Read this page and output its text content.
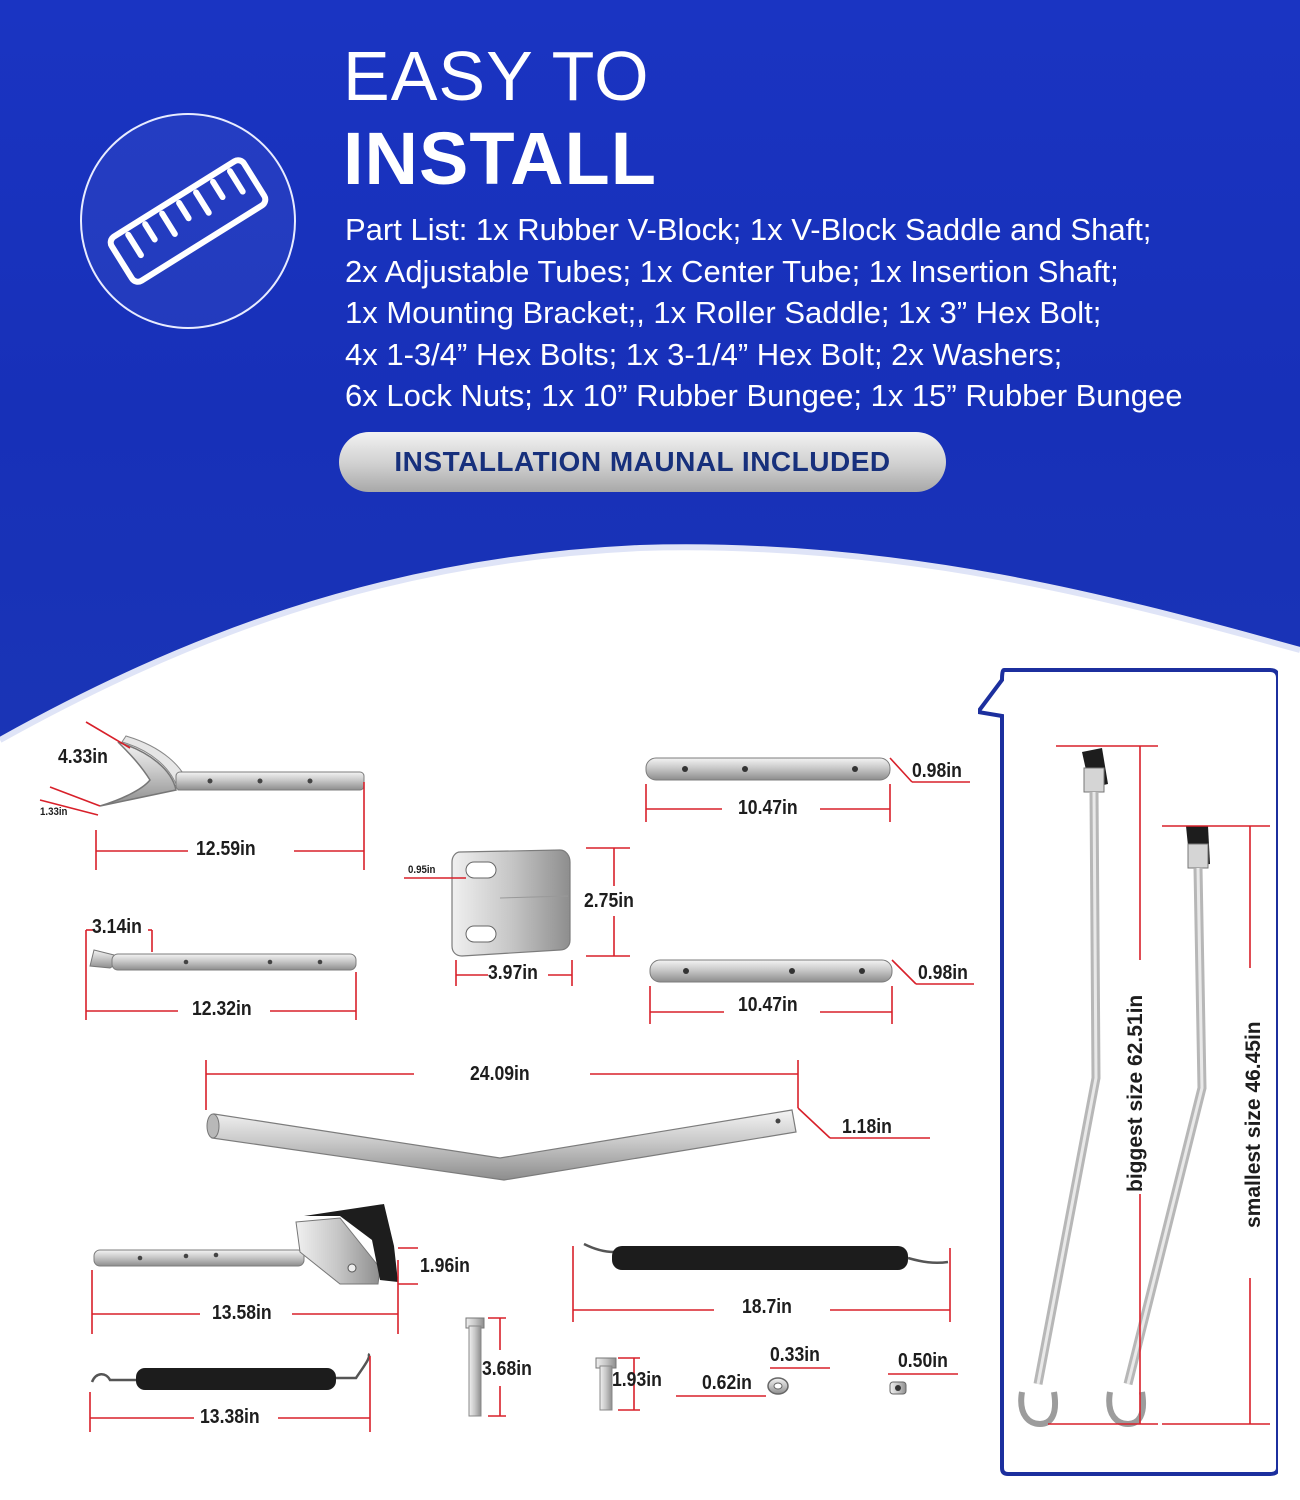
EASY TO
INSTALL
Part List: 1x Rubber V-Block; 1x V-Block Saddle and Shaft;
2x Adjustable Tubes; 1x Center Tube; 1x Insertion Shaft;
1x Mounting Bracket;, 1x Roller Saddle; 1x 3” Hex Bolt;
4x 1-3/4” Hex Bolts; 1x 3-1/4” Hex Bolt; 2x Washers;
6x Lock Nuts; 1x 10” Rubber Bungee; 1x 15” Rubber Bungee
INSTALLATION MAUNAL INCLUDED
4.33in
1.33in
12.59in
0.98in
10.47in
0.95in
2.75in
3.97in
3.14in
12.32in
0.98in
10.47in
24.09in
1.18in
1.96in
13.58in	18.7in
13.38in
3.68in	1.93in 0.62in
0.33in	0.50in
biggest size 62.51in	smallest size 46.45in
